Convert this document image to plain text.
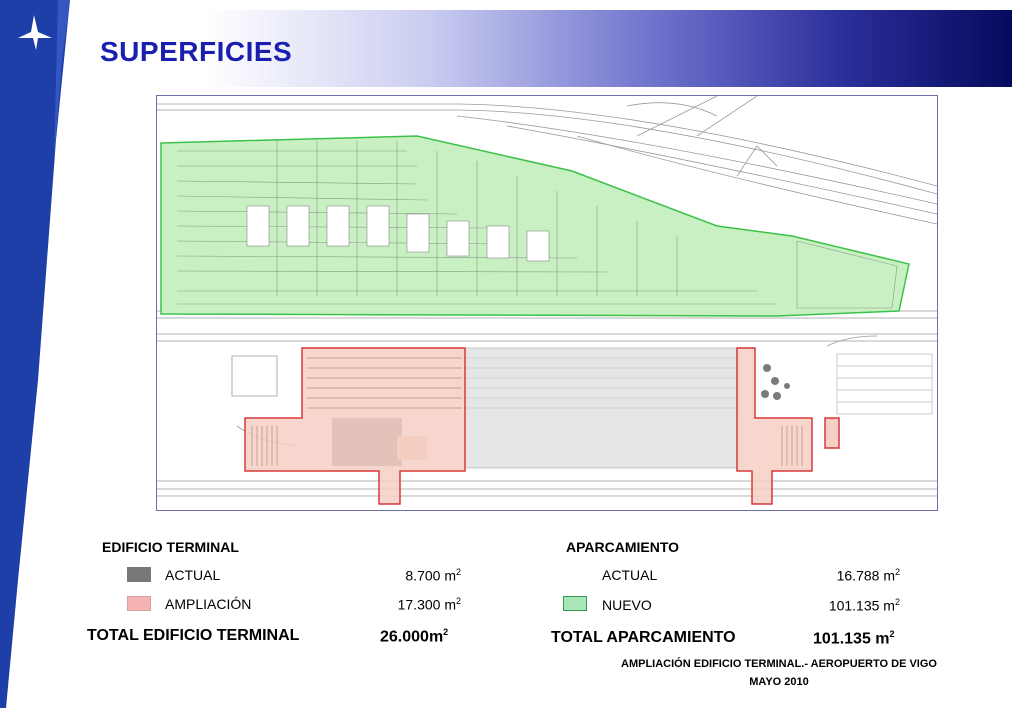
SUPERFICIES
EDIFICIO TERMINAL
ACTUAL	8.700 $m^2$
AMPLIACIÓN	17.300 $m^2$
TOTAL EDIFICIO TERMINAL	$26.000m^2$
APARCAMIENTO
ACTUAL	16.788 $m^2$
NUEVO	101.135 $m^2$
TOTAL APARCAMIENTO	101.135 $m^2$
AMPLIACIÓN EDIFICIO TERMINAL.- AEROPUERTO DE VIGO
MAYO 2010
